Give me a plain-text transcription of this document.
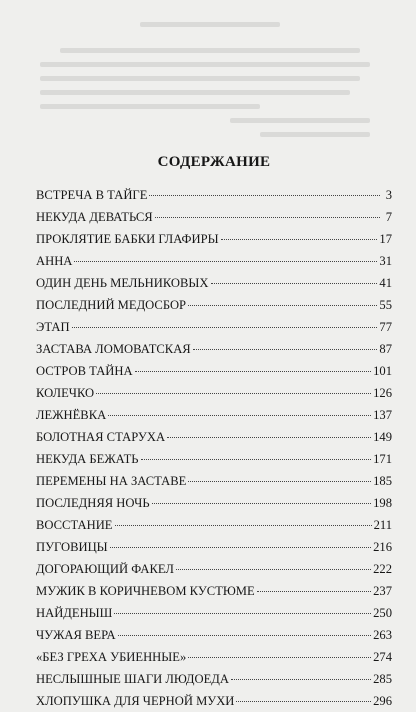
СОДЕРЖАНИЕ
ВСТРЕЧА В ТАЙГЕ	3
НЕКУДА ДЕВАТЬСЯ	7
ПРОКЛЯТИЕ БАБКИ ГЛАФИРЫ	17
АННА	31
ОДИН ДЕНЬ МЕЛЬНИКОВЫХ	41
ПОСЛЕДНИЙ МЕДОСБОР	55
ЭТАП	77
ЗАСТАВА ЛОМОВАТСКАЯ	87
ОСТРОВ ТАЙНА	101
КОЛЕЧКО	126
ЛЕЖНЁВКА	137
БОЛОТНАЯ СТАРУХА	149
НЕКУДА БЕЖАТЬ	171
ПЕРЕМЕНЫ НА ЗАСТАВЕ	185
ПОСЛЕДНЯЯ НОЧЬ	198
ВОССТАНИЕ	211
ПУГОВИЦЫ	216
ДОГОРАЮЩИЙ ФАКЕЛ	222
МУЖИК В КОРИЧНЕВОМ КУСТЮМЕ	237
НАЙДЕНЫШ	250
ЧУЖАЯ ВЕРА	263
«БЕЗ ГРЕХА УБИЕННЫЕ»	274
НЕСЛЫШНЫЕ ШАГИ ЛЮДОЕДА	285
ХЛОПУШКА ДЛЯ ЧЕРНОЙ МУХИ	296
